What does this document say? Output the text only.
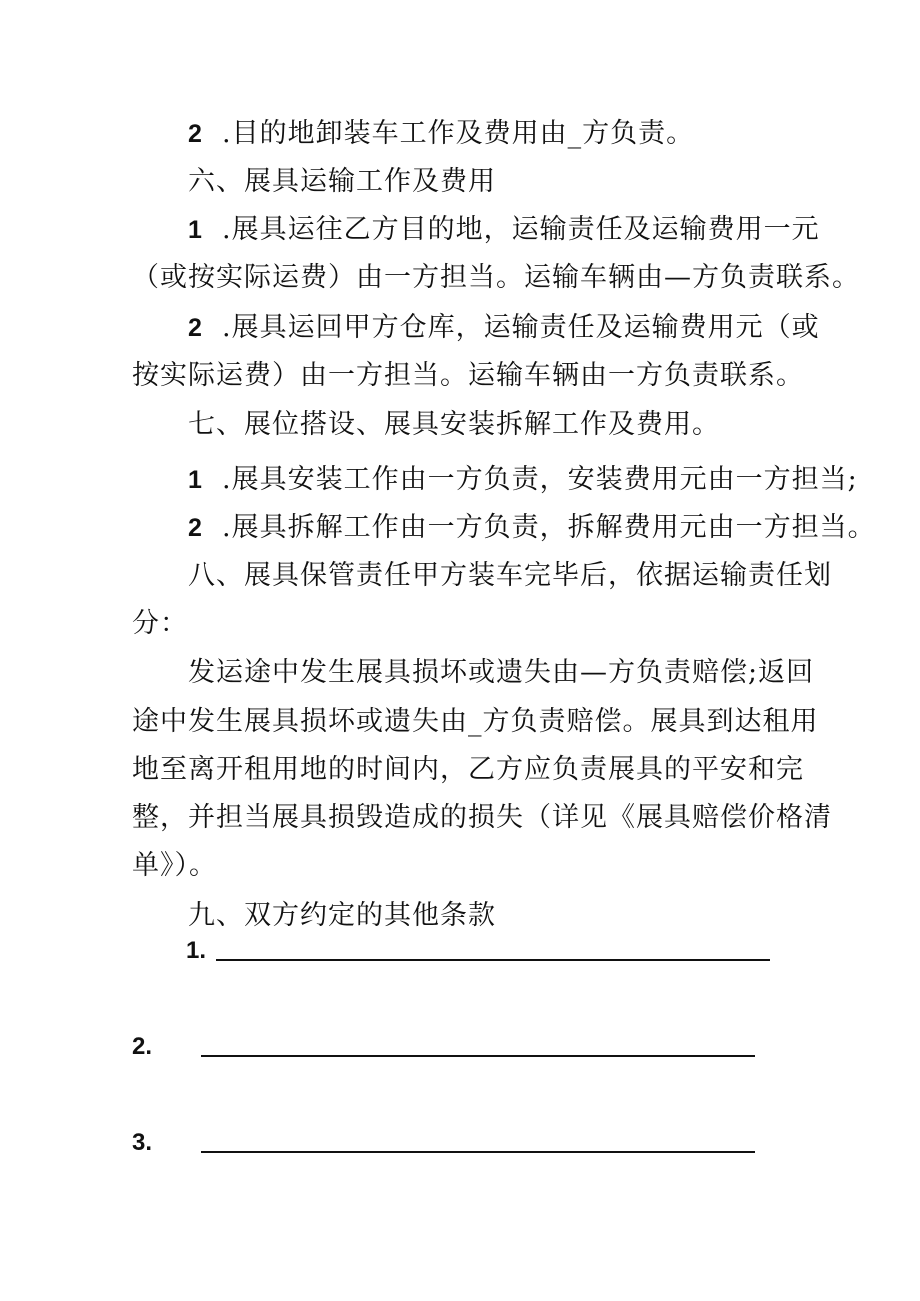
2 .目的地卸装车工作及费用由_方负责。

六、展具运输工作及费用

1 .展具运往乙方目的地，运输责任及运输费用一元

（或按实际运费）由一方担当。运输车辆由—方负责联系。

2 .展具运回甲方仓库，运输责任及运输费用元（或

按实际运费）由一方担当。运输车辆由一方负责联系。

七、展位搭设、展具安装拆解工作及费用。

1 .展具安装工作由一方负责，安装费用元由一方担当;

2 .展具拆解工作由一方负责，拆解费用元由一方担当。

八、展具保管责任甲方装车完毕后，依据运输责任划

分：

发运途中发生展具损坏或遗失由—方负责赔偿;返回

途中发生展具损坏或遗失由_方负责赔偿。展具到达租用

地至离开租用地的时间内，乙方应负责展具的平安和完

整，并担当展具损毁造成的损失（详见《展具赔偿价格清

单》）。

九、双方约定的其他条款

1.

2.

3.
